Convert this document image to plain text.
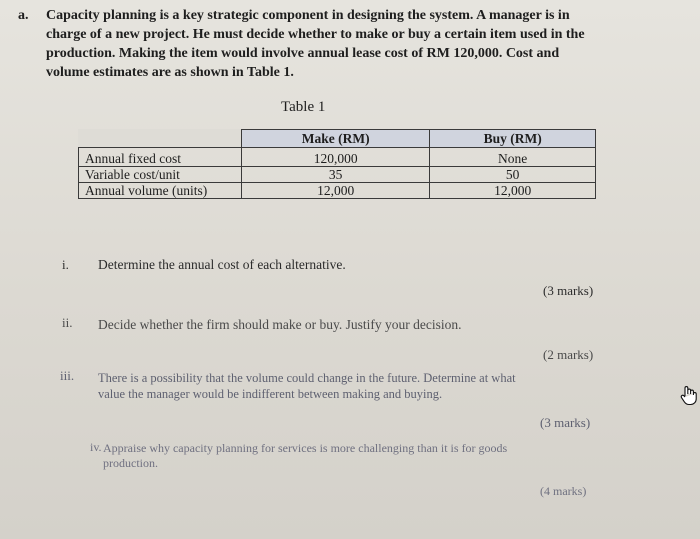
a. Capacity planning is a key strategic component in designing the system. A manager is in
charge of a new project. He must decide whether to make or buy a certain item used in the
production. Making the item would involve annual lease cost of RM 120,000. Cost and
volume estimates are as shown in Table 1.
Table 1
	Make (RM)	Buy (RM)
Annual fixed cost	120,000	None
Variable cost/unit	35	50
Annual volume (units)	12,000	12,000
i. Determine the annual cost of each alternative.
(3 marks)
ii. Decide whether the firm should make or buy. Justify your decision.
(2 marks)
iii. There is a possibility that the volume could change in the future. Determine at what
value the manager would be indifferent between making and buying.
(3 marks)
iv. Appraise why capacity planning for services is more challenging than it is for goods
production.
(4 marks)
